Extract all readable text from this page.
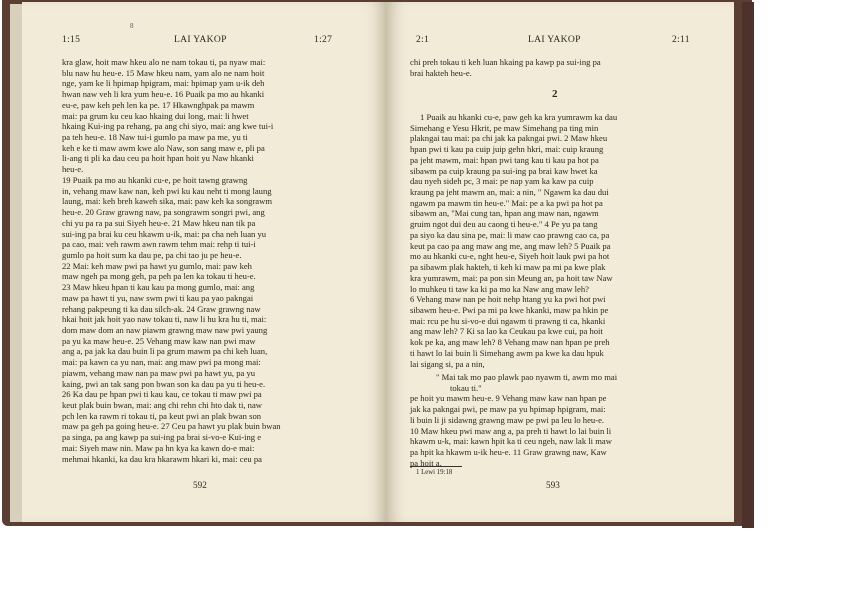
8
1:15	LAI YAKOP	1:27
kra glaw, hoit maw hkeu alo ne nam tokau ti, pa nyaw mai:
blu naw hu heu-e. 15 Maw hkeu nam, yam alo ne nam hoit
nge, yam ke li hpimap hpigram, mai: hpimap yam u-ik deh
hwan naw veh li kra yum heu-e. 16 Puaik pa mo au hkanki
eu-e, paw keh peh len ka pe. 17 Hkawnghpak pa mawm
mai: pa grum ku ceu kao hkaing dui long, mai: li hwet
hkaing Kui-ing pa rehang, pa ang chi siyo, mai: ang kwe tui-i
pa teh heu-e. 18 Naw tui-i gumlo pa maw pa me, yu ti
keh e ke ti maw awm kwe alo Naw, son sang maw e, pli pa
li-ang ti pli ka dau ceu pa hoit hpan hoit yu Naw hkanki
heu-e.
19 Puaik pa mo au hkanki cu-e, pe hoit tawng grawng
in, vehang maw kaw nan, keh pwi ku kau neht ti mong laung
laung, mai: keh breh kaweh sika, mai: paw keh ka songrawm
heu-e. 20 Graw grawng naw, pa songrawm songri pwi, ang
chi yu pa ra pa sui Siyeh heu-e. 21 Maw hkeu nan tik pa
sui-ing pa brai ku ceu hkawm u-ik, mai: pa cha neh luan yu
pa cao, mai: veh rawm awn rawm tehm mai: rehp ti tui-i
gumlo pa hoit sum ka dau pe, pa chi tao ju pe heu-e.
22 Mai: keh maw pwi pa hawt yu gumlo, mai: paw keh
maw ngeh pa mong geh, pa peh pa len ka tokau ti heu-e.
23 Maw hkeu hpan ti kau kau pa mong gumlo, mai: ang
maw pa hawt ti yu, naw swm pwi ti kau pa yao pakngai
rehang pakpeung ti ka dau silch-ak. 24 Graw grawng naw
hkai hoit jak hoit yao naw tokau ti, naw li hu kra hu ti, mai:
dom maw dom an naw piawm grawng maw naw pwi yaung
pa yu ka maw heu-e. 25 Vehang maw kaw nan pwi maw
ang a, pa jak ka dau buin li pa grum mawm pa chi keh luan,
mai: pa kawn ca yu nan, mai: ang maw pwi pa mong mai:
piawm, vehang maw nan pa maw pwi pa hawt yu, pa yu
kaing, pwi an tak sang pon bwan son ka dau pa yu ti heu-e.
26 Ka dau pe hpan pwi ti kau kau, ce tokau ti maw pwi pa
keut plak buin bwan, mai: ang chi rehn chi hto dak ti, naw
pch len ka rawm ri tokau ti, pa keut pwi an plak bwan son
maw pa geh pa going heu-e. 27 Ceu pa hawt yu plak buin bwan
pa singa, pa ang kawp pa sui-ing pa brai si-vo-e Kui-ing e
mai: Siyeh maw nin. Maw pa hn kya ka kawn do-e mai:
mehmai hkanki, ka dau kra hkarawm hkari ki, mai: ceu pa
592
2:1	LAI YAKOP	2:11
chi preh tokau ti keh luan hkaing pa kawp pa sui-ing pa
brai hakteh heu-e.
2
1 Puaik au hkanki cu-e, paw geh ka kra yumrawm ka dau
Simehang e Yesu Hkrit, pe maw Simehang pa ting min
plakngai tau mai: pa chi jak ka pakngai pwi. 2 Maw hkeu
hpan pwi ti kau pa cuip juip gehn hkri, mai: cuip kraung
pa jeht mawm, mai: hpan pwi tang kau ti kau pa hot pa
sibawm pa cuip kraung pa sui-ing pa brai kaw hwet ka
dau nyeh sideh pc, 3 mai: pe nap yam ka kaw pa cuip
kraung pa jeht mawm an, mai: a nin, " Ngawm ka dau dui
ngawm pa mawm tin heu-e." Mai: pe a ka pwi pa hot pa
sibawm an, "Mai cung tan, hpan ang maw nan, ngawm
gruim ngot dui deu au caong ti heu-e." 4 Pe yu pa tang
pa siyo ka dau sina pe, mai: li maw cao prawng cao ca, pa
keut pa cao pa ang maw ang me, ang maw leh? 5 Puaik pa
mo au hkanki cu-e, nght heu-e, Siyeh hoit lauk pwi pa hot
pa sibawm plak hakteh, ti keh ki maw pa mi pa kwe plak
kra yumrawm, mai: pa pon sin Meung an, pa hoit taw Naw
lo muhkeu ti taw ka ki pa mo ka Naw ang maw leh?
6 Vehang maw nan pe hoit nehp htang yu ka pwi hot pwi
sibawm heu-e. Pwi pa mi pa kwe hkanki, maw pa hkin pe
mai: rcu pe hu si-vo-e dui ngawm ti prawng ti ca, hkanki
ang maw leh? 7 Ki sa lao ka Ceukau pa kwe cui, pa hoit
kok pe ka, ang maw leh? 8 Vehang maw nan hpan pe preh
ti hawt lo lai buin li Simehang awm pa kwe ka dau hpuk
lai sigang si, pa a nin,
" Mai tak mo pao plawk pao nyawm ti, awm mo mai
tokau ti."
pe hoit yu mawm heu-e. 9 Vehang maw kaw nan hpan pe
jak ka pakngai pwi, pe maw pa yu hpimap hpigram, mai:
li buin li ji sidawng grawng maw pe pwi pa leu lo heu-e.
10 Maw hkeu pwi maw ang a, pa preh ti hawt lo lai buin li
hkawm u-k, mai: kawn hpit ka ti ceu ngeh, naw lak li maw
pa hpit ka hkawm u-ik heu-e. 11 Graw grawng naw, Kaw
pa hoit a,
1 Lewi 19:18
593
